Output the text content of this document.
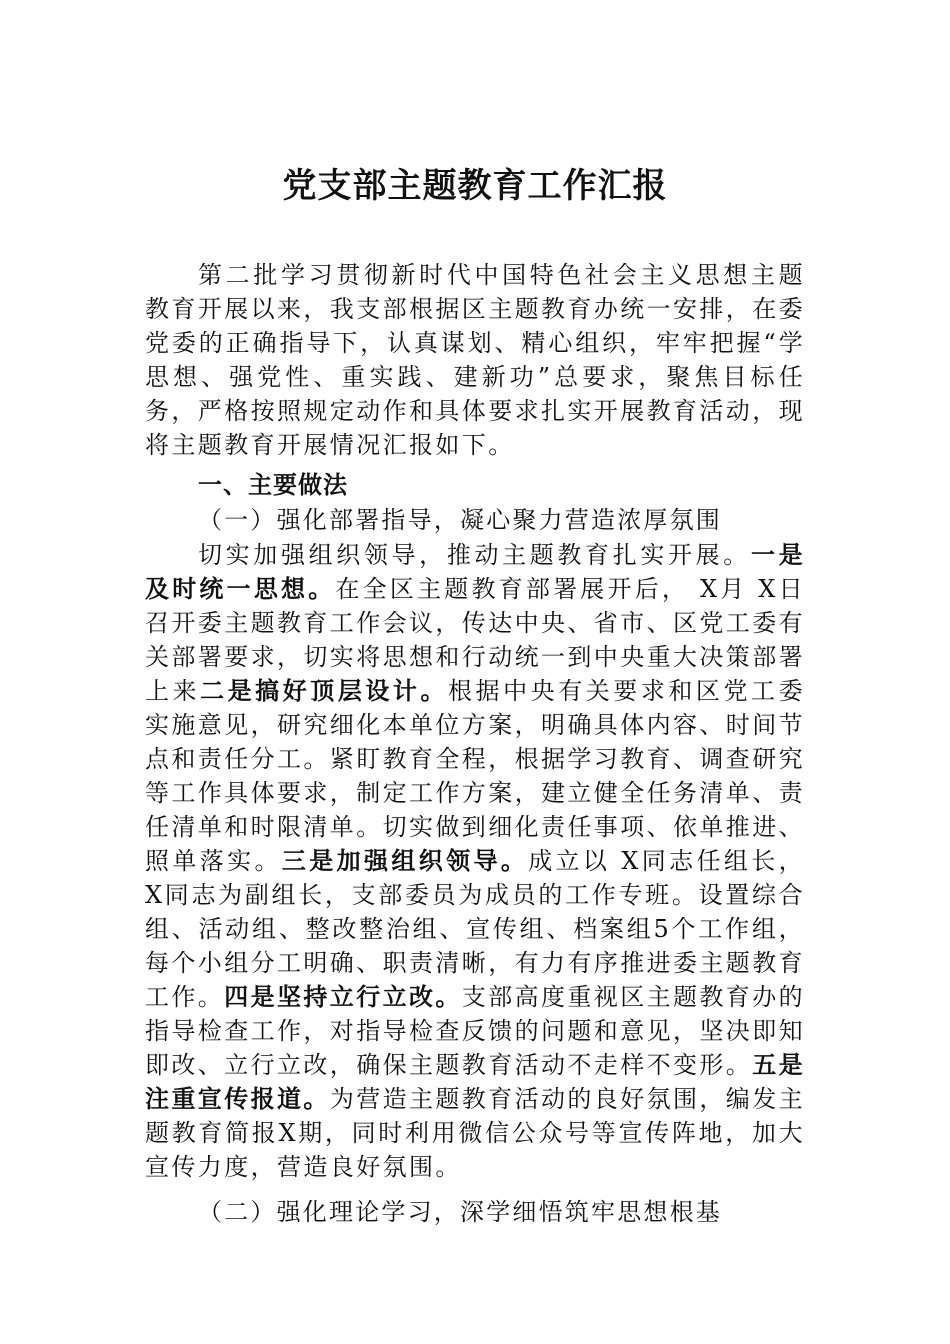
党支部主题教育工作汇报

第二批学习贯彻新时代中国特色社会主义思想主题教育开展以来，我支部根据区主题教育办统一安排，在委党委的正确指导下，认真谋划、精心组织，牢牢把握“学思想、强党性、重实践、建新功”总要求，聚焦目标任务，严格按照规定动作和具体要求扎实开展教育活动，现将主题教育开展情况汇报如下。

一、主要做法

（一）强化部署指导，凝心聚力营造浓厚氛围

切实加强组织领导，推动主题教育扎实开展。一是及时统一思想。在全区主题教育部署展开后， X月 X日召开委主题教育工作会议，传达中央、省市、区党工委有关部署要求，切实将思想和行动统一到中央重大决策部署上来二是搞好顶层设计。根据中央有关要求和区党工委实施意见，研究细化本单位方案，明确具体内容、时间节点和责任分工。紧盯教育全程，根据学习教育、调查研究等工作具体要求，制定工作方案，建立健全任务清单、责任清单和时限清单。切实做到细化责任事项、依单推进、照单落实。三是加强组织领导。成立以 X同志任组长， X同志为副组长，支部委员为成员的工作专班。设置综合组、活动组、整改整治组、宣传组、档案组5个工作组，每个小组分工明确、职责清晰，有力有序推进委主题教育工作。四是坚持立行立改。支部高度重视区主题教育办的指导检查工作，对指导检查反馈的问题和意见，坚决即知即改、立行立改，确保主题教育活动不走样不变形。五是注重宣传报道。为营造主题教育活动的良好氛围，编发主题教育简报X期，同时利用微信公众号等宣传阵地，加大宣传力度，营造良好氛围。

（二）强化理论学习，深学细悟筑牢思想根基
